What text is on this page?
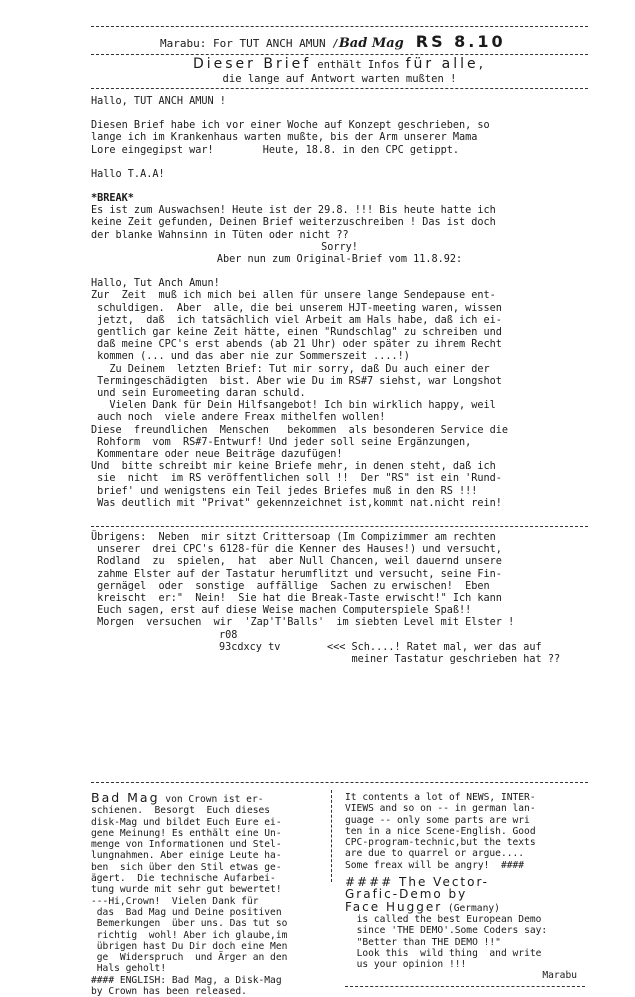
Marabu: For TUT ANCH AMUN /Bad Mag RS 8.10
Dieser Brief enthält Infos für alle,
die lange auf Antwort warten mußten !

Hallo, TUT ANCH AMUN !

Diesen Brief habe ich vor einer Woche auf Konzept geschrieben, so
lange ich im Krankenhaus warten mußte, bis der Arm unserer Mama
Lore eingegipst war!        Heute, 18.8. in den CPC getippt.

Hallo T.A.A!

*BREAK*

Es ist zum Auswachsen! Heute ist der 29.8. !!! Bis heute hatte ich
keine Zeit gefunden, Deinen Brief weiterzuschreiben ! Das ist doch
der blanke Wahnsinn in Tüten oder nicht ??

Sorry!

Aber nun zum Original-Brief vom 11.8.92:

Hallo, Tut Anch Amun!

Zur  Zeit  muß ich mich bei allen für unsere lange Sendepause ent-
schuldigen.  Aber  alle, die bei unserem HJT-meeting waren, wissen
jetzt,  daß  ich tatsächlich viel Arbeit am Hals habe, daß ich ei-
gentlich gar keine Zeit hätte, einen "Rundschlag" zu schreiben und
daß meine CPC's erst abends (ab 21 Uhr) oder später zu ihrem Recht
kommen (... und das aber nie zur Sommerszeit ....!)

Zu Deinem  letzten Brief: Tut mir sorry, daß Du auch einer der
Termingeschädigten  bist. Aber wie Du im RS#7 siehst, war Longshot
und sein Euromeeting daran schuld.

Vielen Dank für Dein Hilfsangebot! Ich bin wirklich happy, weil
auch noch  viele andere Freax mithelfen wollen!

Diese  freundlichen  Menschen   bekommen  als besonderen Service die
Rohform  vom  RS#7-Entwurf! Und jeder soll seine Ergänzungen,
Kommentare oder neue Beiträge dazufügen!

Und  bitte schreibt mir keine Briefe mehr, in denen steht, daß ich
sie  nicht  im RS veröffentlichen soll !!  Der "RS" ist ein 'Rund-
brief' und wenigstens ein Teil jedes Briefes muß in den RS !!!
Was deutlich mit "Privat" gekennzeichnet ist,kommt nat.nicht rein!

Übrigens:  Neben  mir sitzt Crittersoap (Im Compizimmer am rechten
unserer  drei CPC's 6128-für die Kenner des Hauses!) und versucht,
Rodland  zu  spielen,  hat  aber Null Chancen, weil dauernd unsere
zahme Elster auf der Tastatur herumflitzt und versucht, seine Fin-
gernägel  oder  sonstige  auffällige  Sachen zu erwischen!  Eben
kreischt  er:"  Nein!  Sie hat die Break-Taste erwischt!" Ich kann
Euch sagen, erst auf diese Weise machen Computerspiele Spaß!!
Morgen  versuchen  wir  'Zap'T'Balls'  im siebten Level mit Elster !

r08

93cdxcy tv	<<< Sch....! Ratet mal, wer das auf
meiner Tastatur geschrieben hat ??

Bad Mag von Crown ist er-
schienen.  Besorgt  Euch dieses
disk-Mag und bildet Euch Eure ei-
gene Meinung! Es enthält eine Un-
menge von Informationen und Stel-
lungnahmen. Aber einige Leute ha-
ben  sich über den Stil etwas ge-
ägert.  Die technische Aufarbei-
tung wurde mit sehr gut bewertet!
---Hi,Crown!  Vielen Dank für
das  Bad Mag und Deine positiven
Bemerkungen  über uns. Das tut so
richtig  wohl! Aber ich glaube,im
übrigen hast Du Dir doch eine Men
ge  Widerspruch  und Ärger an den
Hals geholt!
#### ENGLISH: Bad Mag, a Disk-Mag
by Crown has been released.

It contents a lot of NEWS, INTER-
VIEWS and so on -- in german lan-
guage -- only some parts are wri
ten in a nice Scene-English. Good
CPC-program-technic,but the texts
are due to quarrel or argue....
Some freax will be angry!  ####

#### The Vector-
Grafic-Demo by
Face Hugger (Germany)

is called the best European Demo
since 'THE DEMO'.Some Coders say:
"Better than THE DEMO !!"
Look this  wild thing  and write
us your opinion !!!

Marabu
